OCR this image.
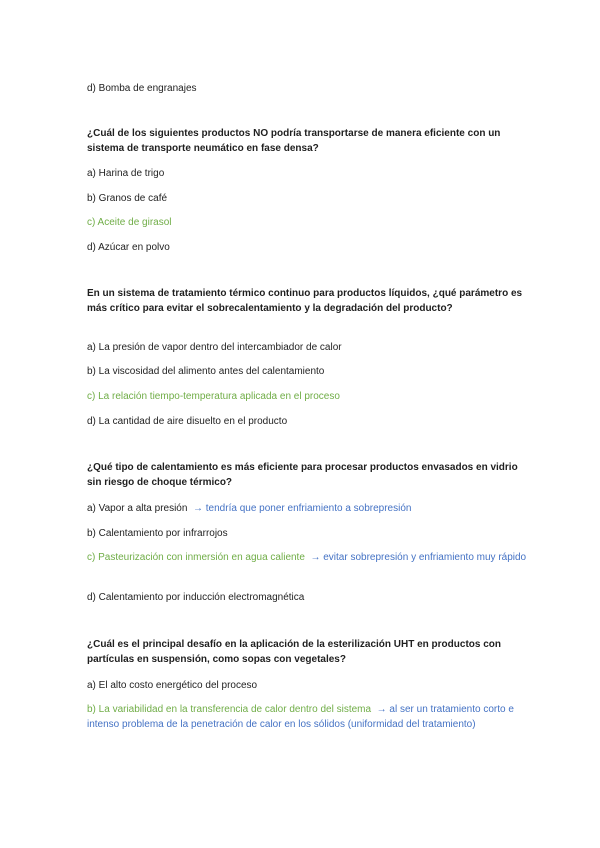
d) Bomba de engranajes
¿Cuál de los siguientes productos NO podría transportarse de manera eficiente con un sistema de transporte neumático en fase densa?
a) Harina de trigo
b) Granos de café
c) Aceite de girasol
d) Azúcar en polvo
En un sistema de tratamiento térmico continuo para productos líquidos, ¿qué parámetro es más crítico para evitar el sobrecalentamiento y la degradación del producto?
a) La presión de vapor dentro del intercambiador de calor
b) La viscosidad del alimento antes del calentamiento
c) La relación tiempo-temperatura aplicada en el proceso
d) La cantidad de aire disuelto en el producto
¿Qué tipo de calentamiento es más eficiente para procesar productos envasados en vidrio sin riesgo de choque térmico?
a) Vapor a alta presión → tendría que poner enfriamiento a sobrepresión
b) Calentamiento por infrarrojos
c) Pasteurización con inmersión en agua caliente → evitar sobrepresión y enfriamiento muy rápido
d) Calentamiento por inducción electromagnética
¿Cuál es el principal desafío en la aplicación de la esterilización UHT en productos con partículas en suspensión, como sopas con vegetales?
a) El alto costo energético del proceso
b) La variabilidad en la transferencia de calor dentro del sistema → al ser un tratamiento corto e intenso problema de la penetración de calor en los sólidos (uniformidad del tratamiento)
